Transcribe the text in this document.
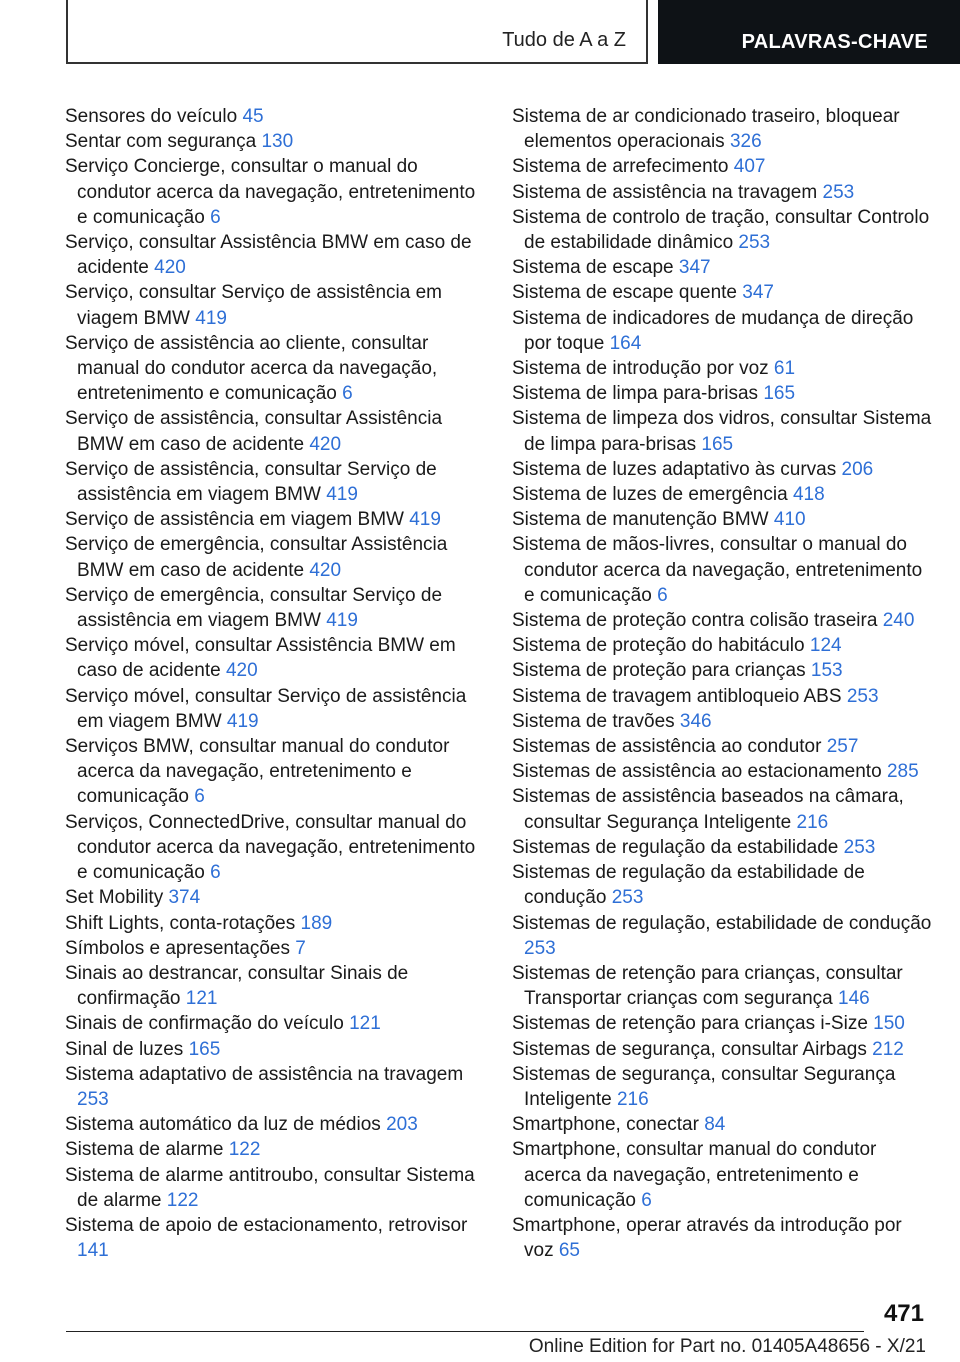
Tudo de A a Z	PALAVRAS-CHAVE
Sensores do veículo 45
Sentar com segurança 130
Serviço Concierge, consultar o manual do condutor acerca da navegação, entretenimento e comunicação 6
Serviço, consultar Assistência BMW em caso de acidente 420
Serviço, consultar Serviço de assistência em viagem BMW 419
Serviço de assistência ao cliente, consultar manual do condutor acerca da navegação, entretenimento e comunicação 6
Serviço de assistência, consultar Assistência BMW em caso de acidente 420
Serviço de assistência, consultar Serviço de assistência em viagem BMW 419
Serviço de assistência em viagem BMW 419
Serviço de emergência, consultar Assistência BMW em caso de acidente 420
Serviço de emergência, consultar Serviço de assistência em viagem BMW 419
Serviço móvel, consultar Assistência BMW em caso de acidente 420
Serviço móvel, consultar Serviço de assistência em viagem BMW 419
Serviços BMW, consultar manual do condutor acerca da navegação, entretenimento e comunicação 6
Serviços, ConnectedDrive, consultar manual do condutor acerca da navegação, entretenimento e comunicação 6
Set Mobility 374
Shift Lights, conta-rotações 189
Símbolos e apresentações 7
Sinais ao destrancar, consultar Sinais de confirmação 121
Sinais de confirmação do veículo 121
Sinal de luzes 165
Sistema adaptativo de assistência na travagem 253
Sistema automático da luz de médios 203
Sistema de alarme 122
Sistema de alarme antitroubo, consultar Sistema de alarme 122
Sistema de apoio de estacionamento, retrovisor 141
Sistema de ar condicionado traseiro, bloquear elementos operacionais 326
Sistema de arrefecimento 407
Sistema de assistência na travagem 253
Sistema de controlo de tração, consultar Controlo de estabilidade dinâmico 253
Sistema de escape 347
Sistema de escape quente 347
Sistema de indicadores de mudança de direção por toque 164
Sistema de introdução por voz 61
Sistema de limpa para-brisas 165
Sistema de limpeza dos vidros, consultar Sistema de limpa para-brisas 165
Sistema de luzes adaptativo às curvas 206
Sistema de luzes de emergência 418
Sistema de manutenção BMW 410
Sistema de mãos-livres, consultar o manual do condutor acerca da navegação, entretenimento e comunicação 6
Sistema de proteção contra colisão traseira 240
Sistema de proteção do habitáculo 124
Sistema de proteção para crianças 153
Sistema de travagem antibloqueio ABS 253
Sistema de travões 346
Sistemas de assistência ao condutor 257
Sistemas de assistência ao estacionamento 285
Sistemas de assistência baseados na câmara, consultar Segurança Inteligente 216
Sistemas de regulação da estabilidade 253
Sistemas de regulação da estabilidade de condução 253
Sistemas de regulação, estabilidade de condução 253
Sistemas de retenção para crianças, consultar Transportar crianças com segurança 146
Sistemas de retenção para crianças i-Size 150
Sistemas de segurança, consultar Airbags 212
Sistemas de segurança, consultar Segurança Inteligente 216
Smartphone, conectar 84
Smartphone, consultar manual do condutor acerca da navegação, entretenimento e comunicação 6
Smartphone, operar através da introdução por voz 65
471
Online Edition for Part no. 01405A48656 - X/21
